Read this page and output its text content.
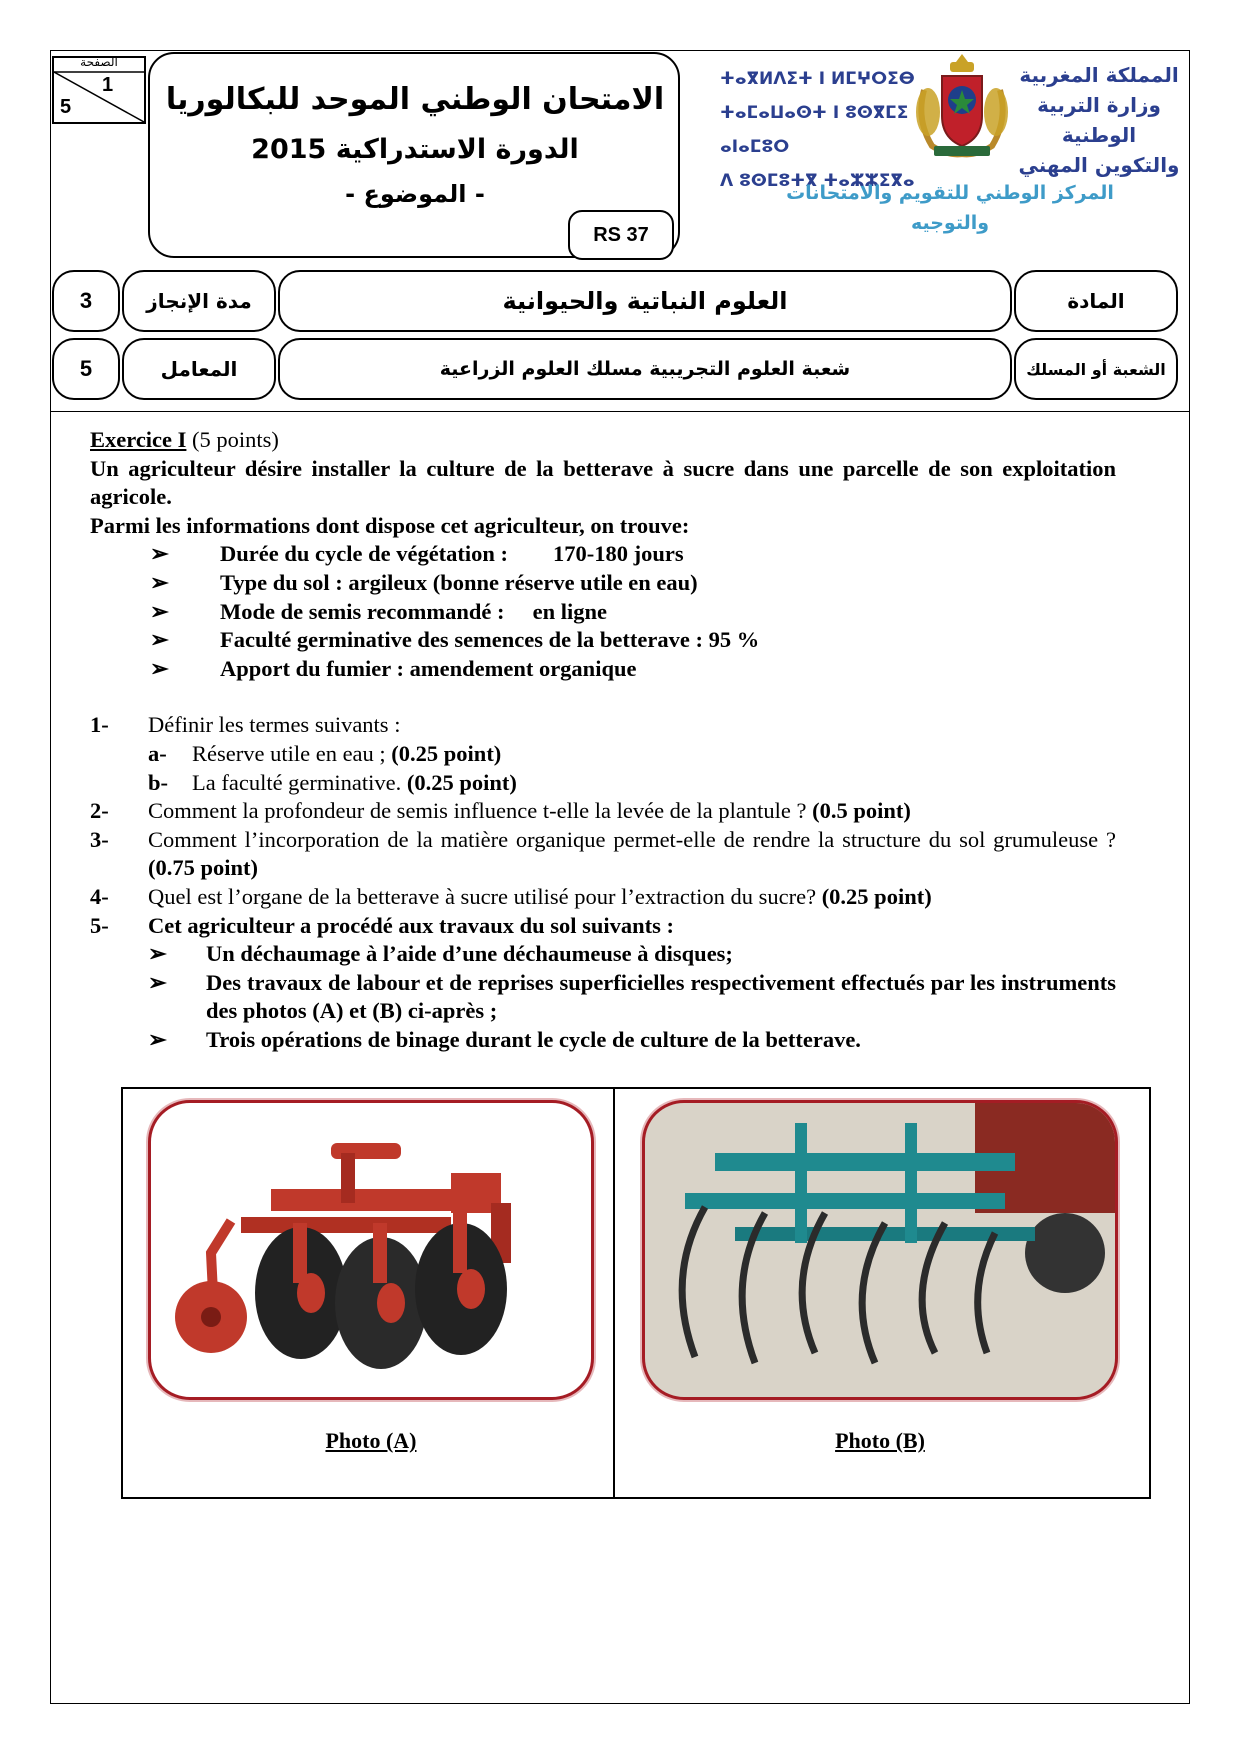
الصفحة
1
5	الامتحان الوطني الموحد للبكالوريا
الدورة الاستدراكية 2015
- الموضوع -
RS 37
ⵜⴰⴳⵍⴷⵉⵜ ⵏ ⵍⵎⵖⵔⵉⴱ
ⵜⴰⵎⴰⵡⴰⵙⵜ ⵏ ⵓⵙⴳⵎⵉ ⴰⵏⴰⵎⵓⵔ
ⴷ ⵓⵙⵎⵓⵜⴳ ⵜⴰⵣⵣⵉⴳⴰ
المملكة المغربية
وزارة التربية الوطنية
والتكوين المهني
المركز الوطني للتقويم والامتحانات
والتوجيه
3	مدة الإنجاز	العلوم النباتية والحيوانية	المادة
5	المعامل	شعبة العلوم التجريبية مسلك العلوم الزراعية	الشعبة أو المسلك
Exercice I (5 points)
Un agriculteur désire installer la culture de la betterave à sucre dans une parcelle de son exploitation agricole.
Parmi les informations dont dispose cet agriculteur, on trouve:
➢ Durée du cycle de végétation :        170-180 jours
➢ Type du sol : argileux (bonne réserve utile en eau)
➢ Mode de semis recommandé :     en ligne
➢ Faculté germinative des semences de la betterave : 95 %
➢ Apport du fumier : amendement organique
1- Définir les termes suivants :
a- Réserve utile en eau ; (0.25 point)
b- La faculté germinative. (0.25 point)
2- Comment la profondeur de semis influence t-elle la levée de la plantule ? (0.5 point)
3-	Comment l’incorporation de la matière organique permet-elle de rendre la structure du sol grumuleuse ? (0.75 point)
4- Quel est l’organe de la betterave à sucre utilisé pour l’extraction du sucre? (0.25 point)
5- Cet agriculteur a procédé aux travaux du sol suivants :
➢	Un déchaumage à l’aide d’une déchaumeuse à disques;
➢	Des travaux de labour et de reprises superficielles respectivement effectués par les instruments     des photos (A) et (B) ci-après ;
➢	Trois opérations de binage durant le cycle de culture de la betterave.
Photo (A)	Photo (B)
